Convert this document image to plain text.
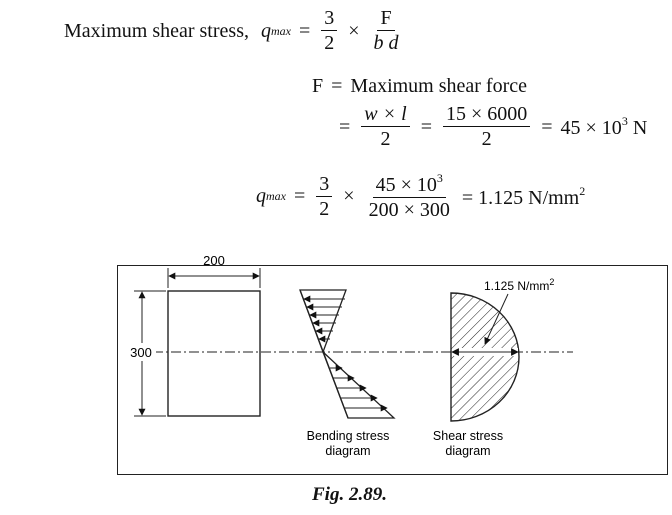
Maximum shear stress, q $\max = \frac{3}{2} \times \frac{F}{\text{b d}}$
F = Maximum shear force
= $\frac{w \times l}{2} = \frac{15 \times 6000}{2} = 45 \times 10^3$ N
q $\max = \frac{3}{2} \times \frac{45 \times 10^3}{200 \times 300} = 1.125$ $N/mm^2$
200
300
Bending stress
diagram
1.125 $N/mm^2$
Shear stress
diagram
Fig. 2.89.
